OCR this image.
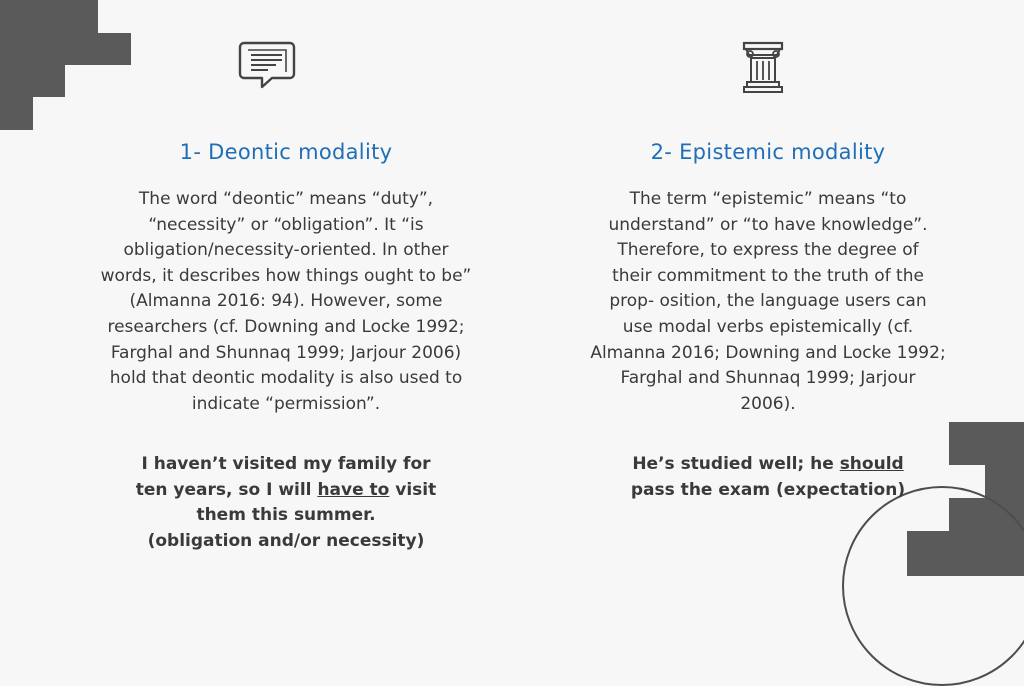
1- Deontic modality
The word “deontic” means “duty”,
“necessity” or “obligation”. It “is
obligation/necessity-oriented. In other
words, it describes how things ought to be”
(Almanna 2016: 94). However, some
researchers (cf. Downing and Locke 1992;
Farghal and Shunnaq 1999; Jarjour 2006)
hold that deontic modality is also used to
indicate “permission”.
I haven’t visited my family for
ten years, so I will have to visit
them this summer.
(obligation and/or necessity)
2- Epistemic modality
The term “epistemic” means “to
understand” or “to have knowledge”.
Therefore, to express the degree of
their commitment to the truth of the
prop- osition, the language users can
use modal verbs epistemically (cf.
Almanna 2016; Downing and Locke 1992;
Farghal and Shunnaq 1999; Jarjour
2006).
He’s studied well; he should
pass the exam (expectation)
